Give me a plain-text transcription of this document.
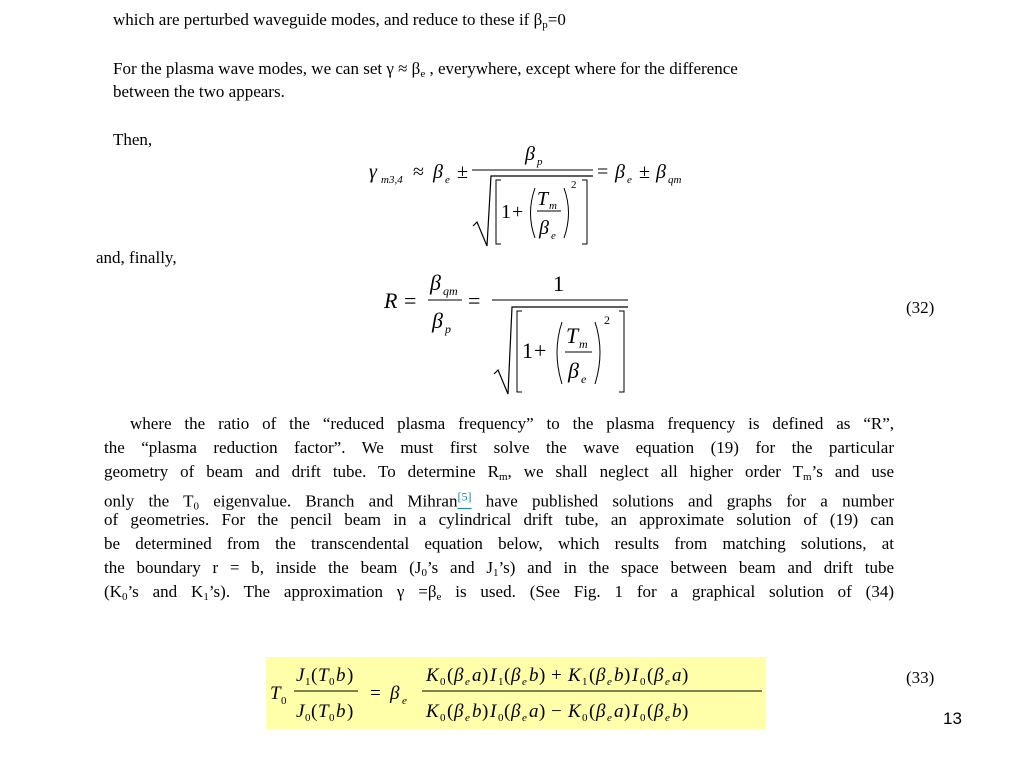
which are perturbed waveguide modes, and reduce to these if $\beta_p=0$

For the plasma wave modes, we can set $\gamma \approx \beta_e$ , everywhere, except where for the difference

between the two appears.

Then,

γ m3,4 ≈ β e ±
β p	= β e ± β qm
1 +
T m
β e
2

and, finally,

R =
β qm
β p
=
1
1 +
T m
β e
2
(32)

where the ratio of the “reduced plasma frequency” to the plasma frequency is defined as “R”,

the “plasma reduction factor”. We must first solve the wave equation (19) for the particular

geometry of beam and drift tube. To determine $R_m$, we shall neglect all higher order $T_m’s$ and use

only the $T_0$ eigenvalue. Branch and Mihran[5] have published solutions and graphs for a number

of geometries. For the pencil beam in a cylindrical drift tube, an approximate solution of (19) can

be determined from the transcendental equation below, which results from matching solutions, at

the boundary r = b, inside the beam ($J_0’s$ and $J_1’s$) and in the space between beam and drift tube

($K_0’s$ and $K_1’s$). The approximation $\gamma =\beta_e$ is used. (See Fig. 1 for a graphical solution of (34)

T 0
J 1 ( T 0 b )
J 0 ( T 0 b )
= β e
K 0 ( β e a ) I 1 ( β e b ) + K 1 ( β e b ) I 0 ( β e a )
K 0 ( β e b ) I 0 ( β e a ) − K 0 ( β e a ) I 0 ( β e b )
(33)
13
